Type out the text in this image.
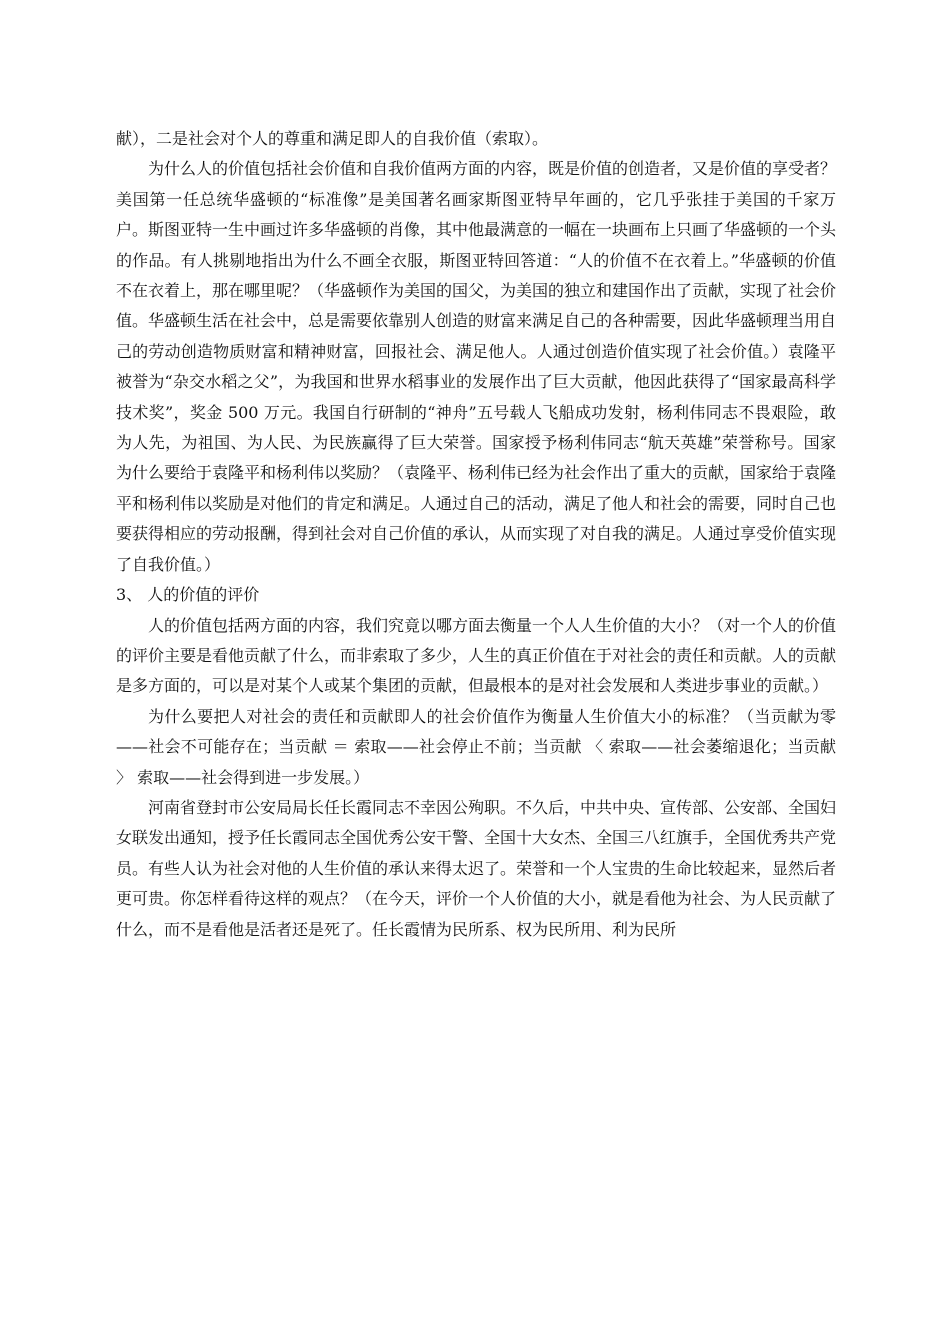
献），二是社会对个人的尊重和满足即人的自我价值（索取）。

为什么人的价值包括社会价值和自我价值两方面的内容，既是价值的创造者，又是价值的享受者？美国第一任总统华盛顿的“标准像”是美国著名画家斯图亚特早年画的，它几乎张挂于美国的千家万户。斯图亚特一生中画过许多华盛顿的肖像，其中他最满意的一幅在一块画布上只画了华盛顿的一个头的作品。有人挑剔地指出为什么不画全衣服，斯图亚特回答道：“人的价值不在衣着上。”华盛顿的价值不在衣着上，那在哪里呢？（华盛顿作为美国的国父，为美国的独立和建国作出了贡献，实现了社会价值。华盛顿生活在社会中，总是需要依靠别人创造的财富来满足自己的各种需要，因此华盛顿理当用自己的劳动创造物质财富和精神财富，回报社会、满足他人。人通过创造价值实现了社会价值。）袁隆平被誉为“杂交水稻之父”，为我国和世界水稻事业的发展作出了巨大贡献，他因此获得了“国家最高科学技术奖”，奖金 500 万元。我国自行研制的“神舟”五号载人飞船成功发射，杨利伟同志不畏艰险，敢为人先，为祖国、为人民、为民族赢得了巨大荣誉。国家授予杨利伟同志“航天英雄”荣誉称号。国家为什么要给于袁隆平和杨利伟以奖励？（袁隆平、杨利伟已经为社会作出了重大的贡献，国家给于袁隆平和杨利伟以奖励是对他们的肯定和满足。人通过自己的活动，满足了他人和社会的需要，同时自己也要获得相应的劳动报酬，得到社会对自己价值的承认，从而实现了对自我的满足。人通过享受价值实现了自我价值。）

3、 人的价值的评价

人的价值包括两方面的内容，我们究竟以哪方面去衡量一个人人生价值的大小？（对一个人的价值的评价主要是看他贡献了什么，而非索取了多少，人生的真正价值在于对社会的责任和贡献。人的贡献是多方面的，可以是对某个人或某个集团的贡献，但最根本的是对社会发展和人类进步事业的贡献。）

为什么要把人对社会的责任和贡献即人的社会价值作为衡量人生价值大小的标准？（当贡献为零——社会不可能存在；当贡献 ＝ 索取——社会停止不前；当贡献 〈 索取——社会萎缩退化；当贡献 〉 索取——社会得到进一步发展。）

河南省登封市公安局局长任长霞同志不幸因公殉职。不久后，中共中央、宣传部、公安部、全国妇女联发出通知，授予任长霞同志全国优秀公安干警、全国十大女杰、全国三八红旗手，全国优秀共产党员。有些人认为社会对他的人生价值的承认来得太迟了。荣誉和一个人宝贵的生命比较起来，显然后者更可贵。你怎样看待这样的观点？（在今天，评价一个人价值的大小，就是看他为社会、为人民贡献了什么，而不是看他是活者还是死了。任长霞情为民所系、权为民所用、利为民所
